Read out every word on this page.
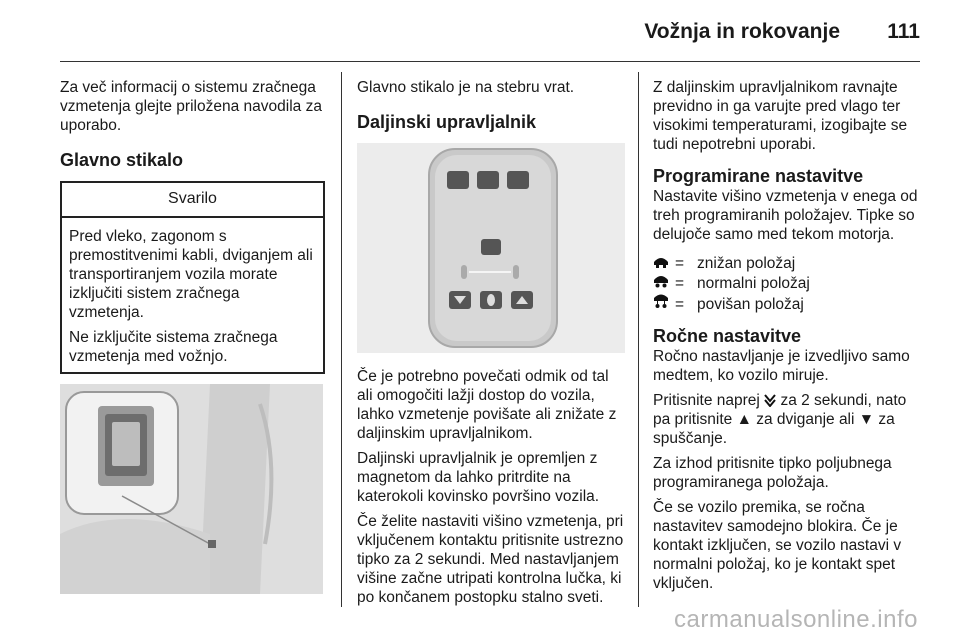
Vožnja in rokovanje 111

Za več informacij o sistemu zračnega vzmetenja glejte priložena navodila za uporabo.

Glavno stikalo
Svarilo

Pred vleko, zagonom s premostitvenimi kabli, dviganjem ali transportiranjem vozila morate izključiti sistem zračnega vzmetenja.

Ne izključite sistema zračnega vzmetenja med vožnjo.

Glavno stikalo je na stebru vrat.

Daljinski upravljalnik

Če je potrebno povečati odmik od tal ali omogočiti lažji dostop do vozila, lahko vzmetenje povišate ali znižate z daljinskim upravljalnikom.

Daljinski upravljalnik je opremljen z magnetom da lahko pritrdite na katerokoli kovinsko površino vozila.

Če želite nastaviti višino vzmetenja, pri vključenem kontaktu pritisnite ustrezno tipko za 2 sekundi. Med nastavljanjem višine začne utripati kontrolna lučka, ki po končanem postopku stalno sveti.

Z daljinskim upravljalnikom ravnajte previdno in ga varujte pred vlago ter visokimi temperaturami, izogibajte se tudi nepotrebni uporabi.

Programirane nastavitve

Nastavite višino vzmetenja v enega od treh programiranih položajev. Tipke so delujoče samo med tekom motorja.

= znižan položaj
= normalni položaj
= povišan položaj
Ročne nastavitve

Ročno nastavljanje je izvedljivo samo medtem, ko vozilo miruje.

Pritisnite naprej za 2 sekundi, nato pa pritisnite ▲ za dviganje ali ▼ za spuščanje.

Za izhod pritisnite tipko poljubnega programiranega položaja.

Če se vozilo premika, se ročna nastavitev samodejno blokira. Če je kontakt izključen, se vozilo nastavi v normalni položaj, ko je kontakt spet vključen.

carmanualsonline.info
